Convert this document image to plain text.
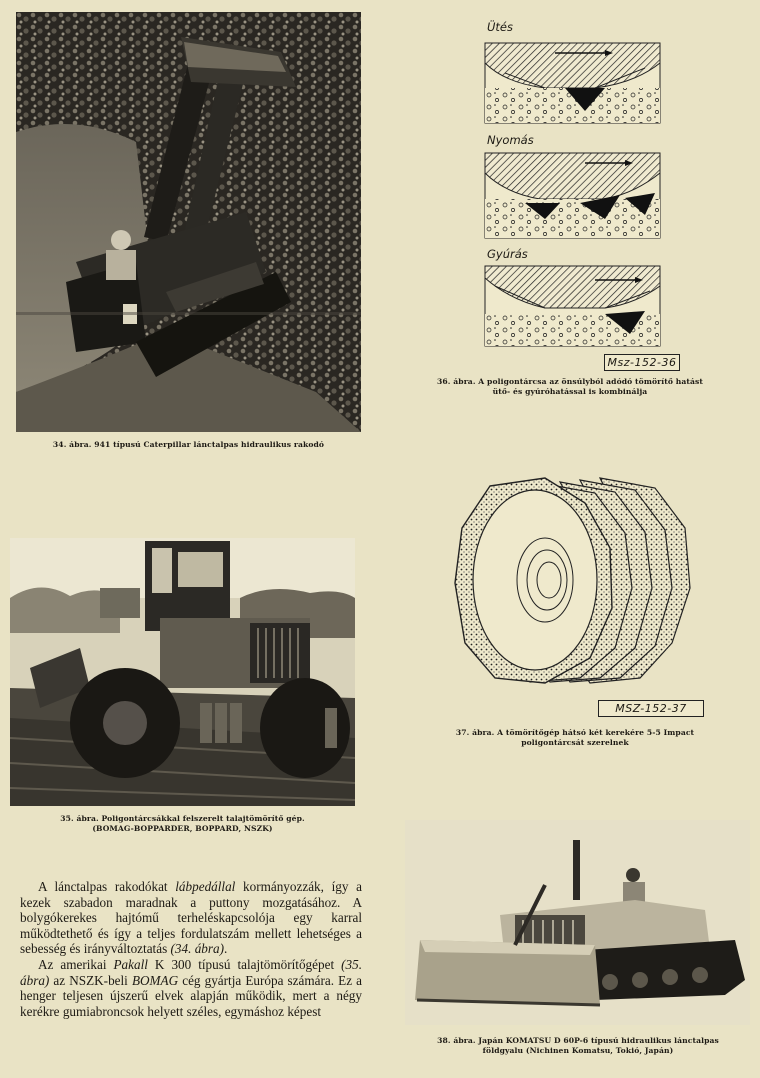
34. ábra. 941 típusú Caterpillar lánctalpas hidraulikus rakodó
Ütés
Nyomás
Gyúrás
Msz-152-36
36. ábra. A poligontárcsa az önsúlyból adódó tömörítő hatást
ütő- és gyúróhatással is kombinálja
MSZ-152-37
37. ábra. A tömörítőgép hátsó két kerekére 5-5 Impact
poligontárcsát szerelnek
35. ábra. Poligontárcsákkal felszerelt talajtömörítő gép.
(BOMAG-BOPPARDER, BOPPARD, NSZK)
38. ábra. Japán KOMATSU D 60P-6 típusú hidraulikus lánctalpas
földgyalu (Nichinen Komatsu, Tokió, Japán)

A lánctalpas rakodókat lábpedállal kormányozzák, így a kezek szabadon maradnak a puttony mozgatásához. A bolygókerekes hajtómű terheléskapcsolója egy karral működtethető és így a teljes fordulatszám mellett lehetséges a sebesség és irányváltoztatás (34. ábra).

Az amerikai Pakall K 300 típusú talajtömörítőgépet (35. ábra) az NSZK-beli BOMAG cég gyártja Európa számára. Ez a henger teljesen újszerű elvek alapján működik, mert a négy kerékre gumiabroncsok helyett széles, egymáshoz képest
